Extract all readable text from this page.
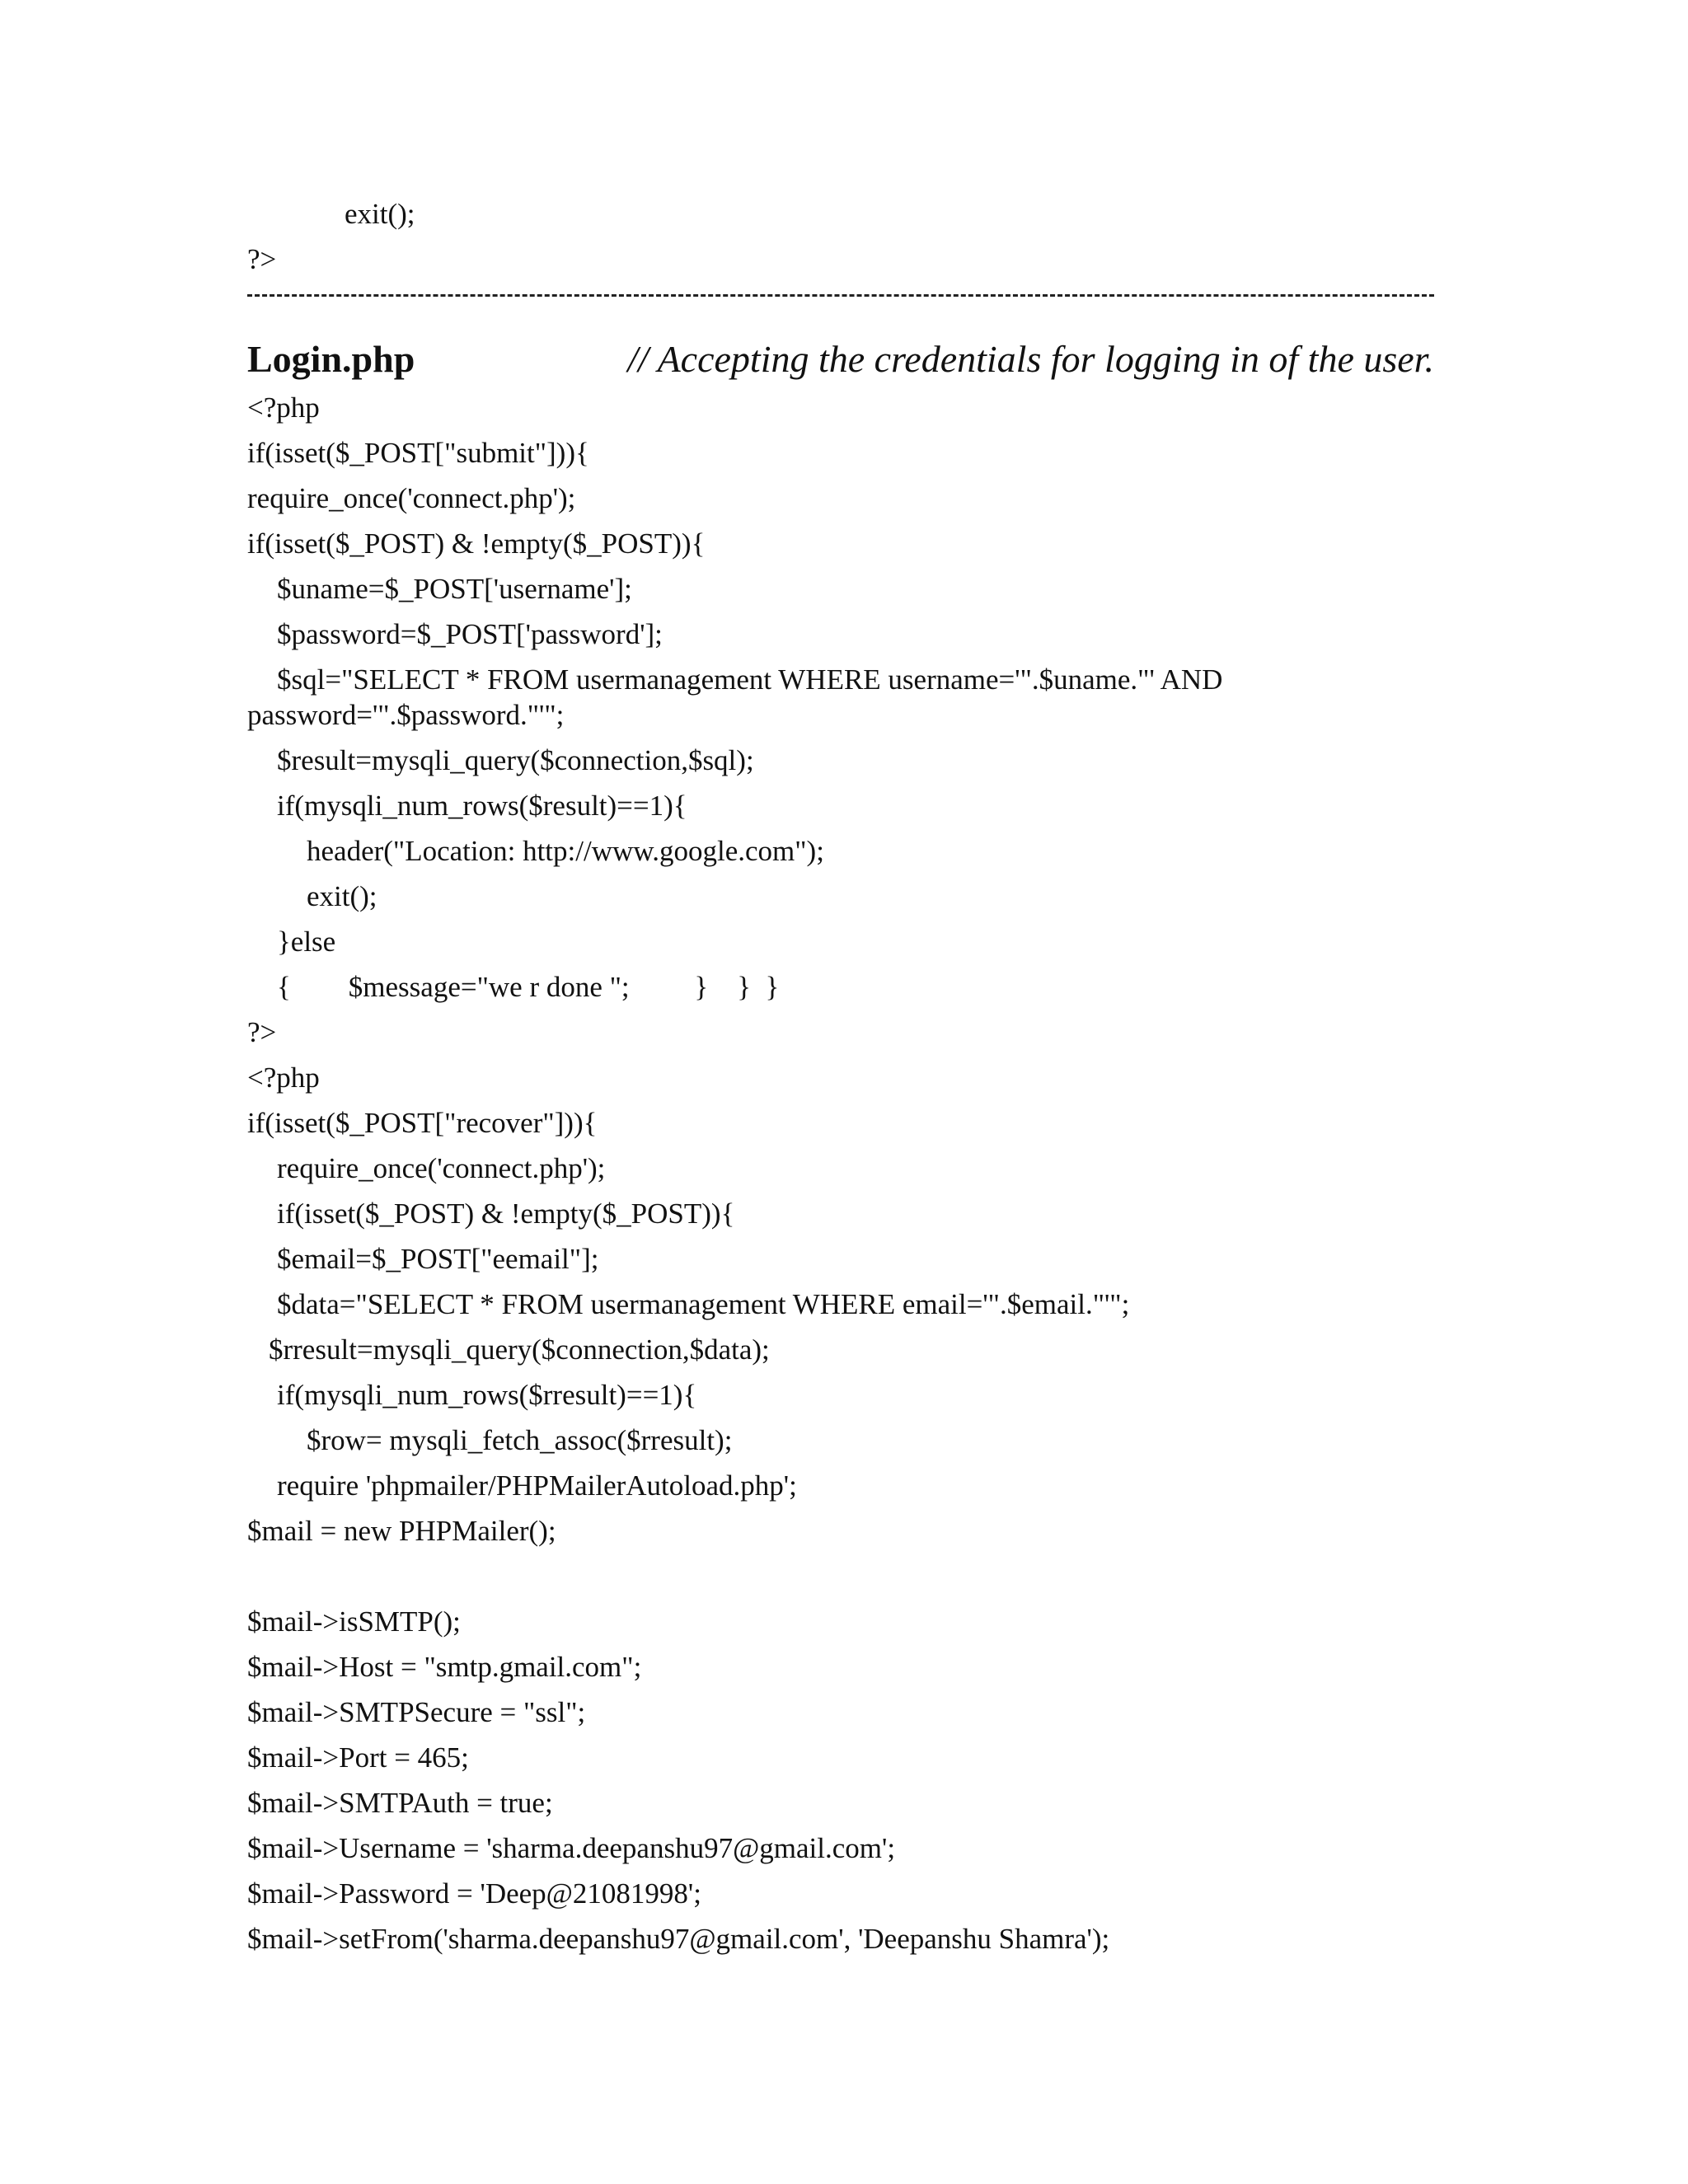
exit();
?>
Login.php	// Accepting the credentials for logging in of the user.
<?php
if(isset($_POST["submit"])){
require_once('connect.php');
if(isset($_POST) & !empty($_POST)){
$uname=$_POST['username'];
$password=$_POST['password'];
$sql="SELECT * FROM usermanagement WHERE username='".$uname."' AND
password='".$password."'";
$result=mysqli_query($connection,$sql);
if(mysqli_num_rows($result)==1){
header("Location: http://www.google.com");
exit();
}else
{        $message="we r done ";         }    }  }
?>
<?php
if(isset($_POST["recover"])){
require_once('connect.php');
if(isset($_POST) & !empty($_POST)){
$email=$_POST["eemail"];
$data="SELECT * FROM usermanagement WHERE email='".$email."'";
$rresult=mysqli_query($connection,$data);
if(mysqli_num_rows($rresult)==1){
$row= mysqli_fetch_assoc($rresult);
require 'phpmailer/PHPMailerAutoload.php';
$mail = new PHPMailer();
$mail->isSMTP();
$mail->Host = "smtp.gmail.com";
$mail->SMTPSecure = "ssl";
$mail->Port = 465;
$mail->SMTPAuth = true;
$mail->Username = 'sharma.deepanshu97@gmail.com';
$mail->Password = 'Deep@21081998';
$mail->setFrom('sharma.deepanshu97@gmail.com', 'Deepanshu Shamra');
